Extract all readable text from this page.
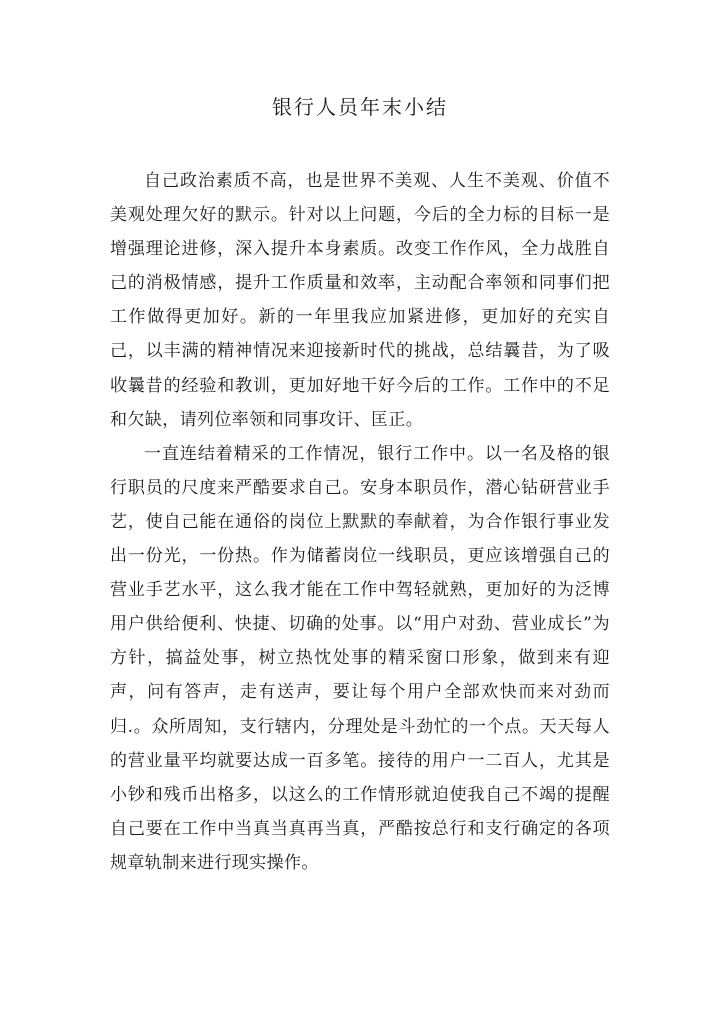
银行人员年末小结

自己政治素质不高，也是世界不美观、人生不美观、价值不美观处理欠好的默示。针对以上问题，今后的全力标的目标一是增强理论进修，深入提升本身素质。改变工作作风，全力战胜自己的消极情感，提升工作质量和效率，主动配合率领和同事们把工作做得更加好。新的一年里我应加紧进修，更加好的充实自己，以丰满的精神情况来迎接新时代的挑战，总结曩昔，为了吸收曩昔的经验和教训，更加好地干好今后的工作。工作中的不足和欠缺，请列位率领和同事攻讦、匡正。

一直连结着精采的工作情况，银行工作中。以一名及格的银行职员的尺度来严酷要求自己。安身本职员作，潜心钻研营业手艺，使自己能在通俗的岗位上默默的奉献着，为合作银行事业发出一份光，一份热。作为储蓄岗位一线职员，更应该增强自己的营业手艺水平，这么我才能在工作中驾轻就熟，更加好的为泛博用户供给便利、快捷、切确的处事。以“用户对劲、营业成长”为方针，搞益处事，树立热忱处事的精采窗口形象，做到来有迎声，问有答声，走有送声，要让每个用户全部欢快而来对劲而归.。众所周知，支行辖内，分理处是斗劲忙的一个点。天天每人的营业量平均就要达成一百多笔。接待的用户一二百人，尤其是小钞和残币出格多，以这么的工作情形就迫使我自己不竭的提醒自己要在工作中当真当真再当真，严酷按总行和支行确定的各项规章轨制来进行现实操作。
